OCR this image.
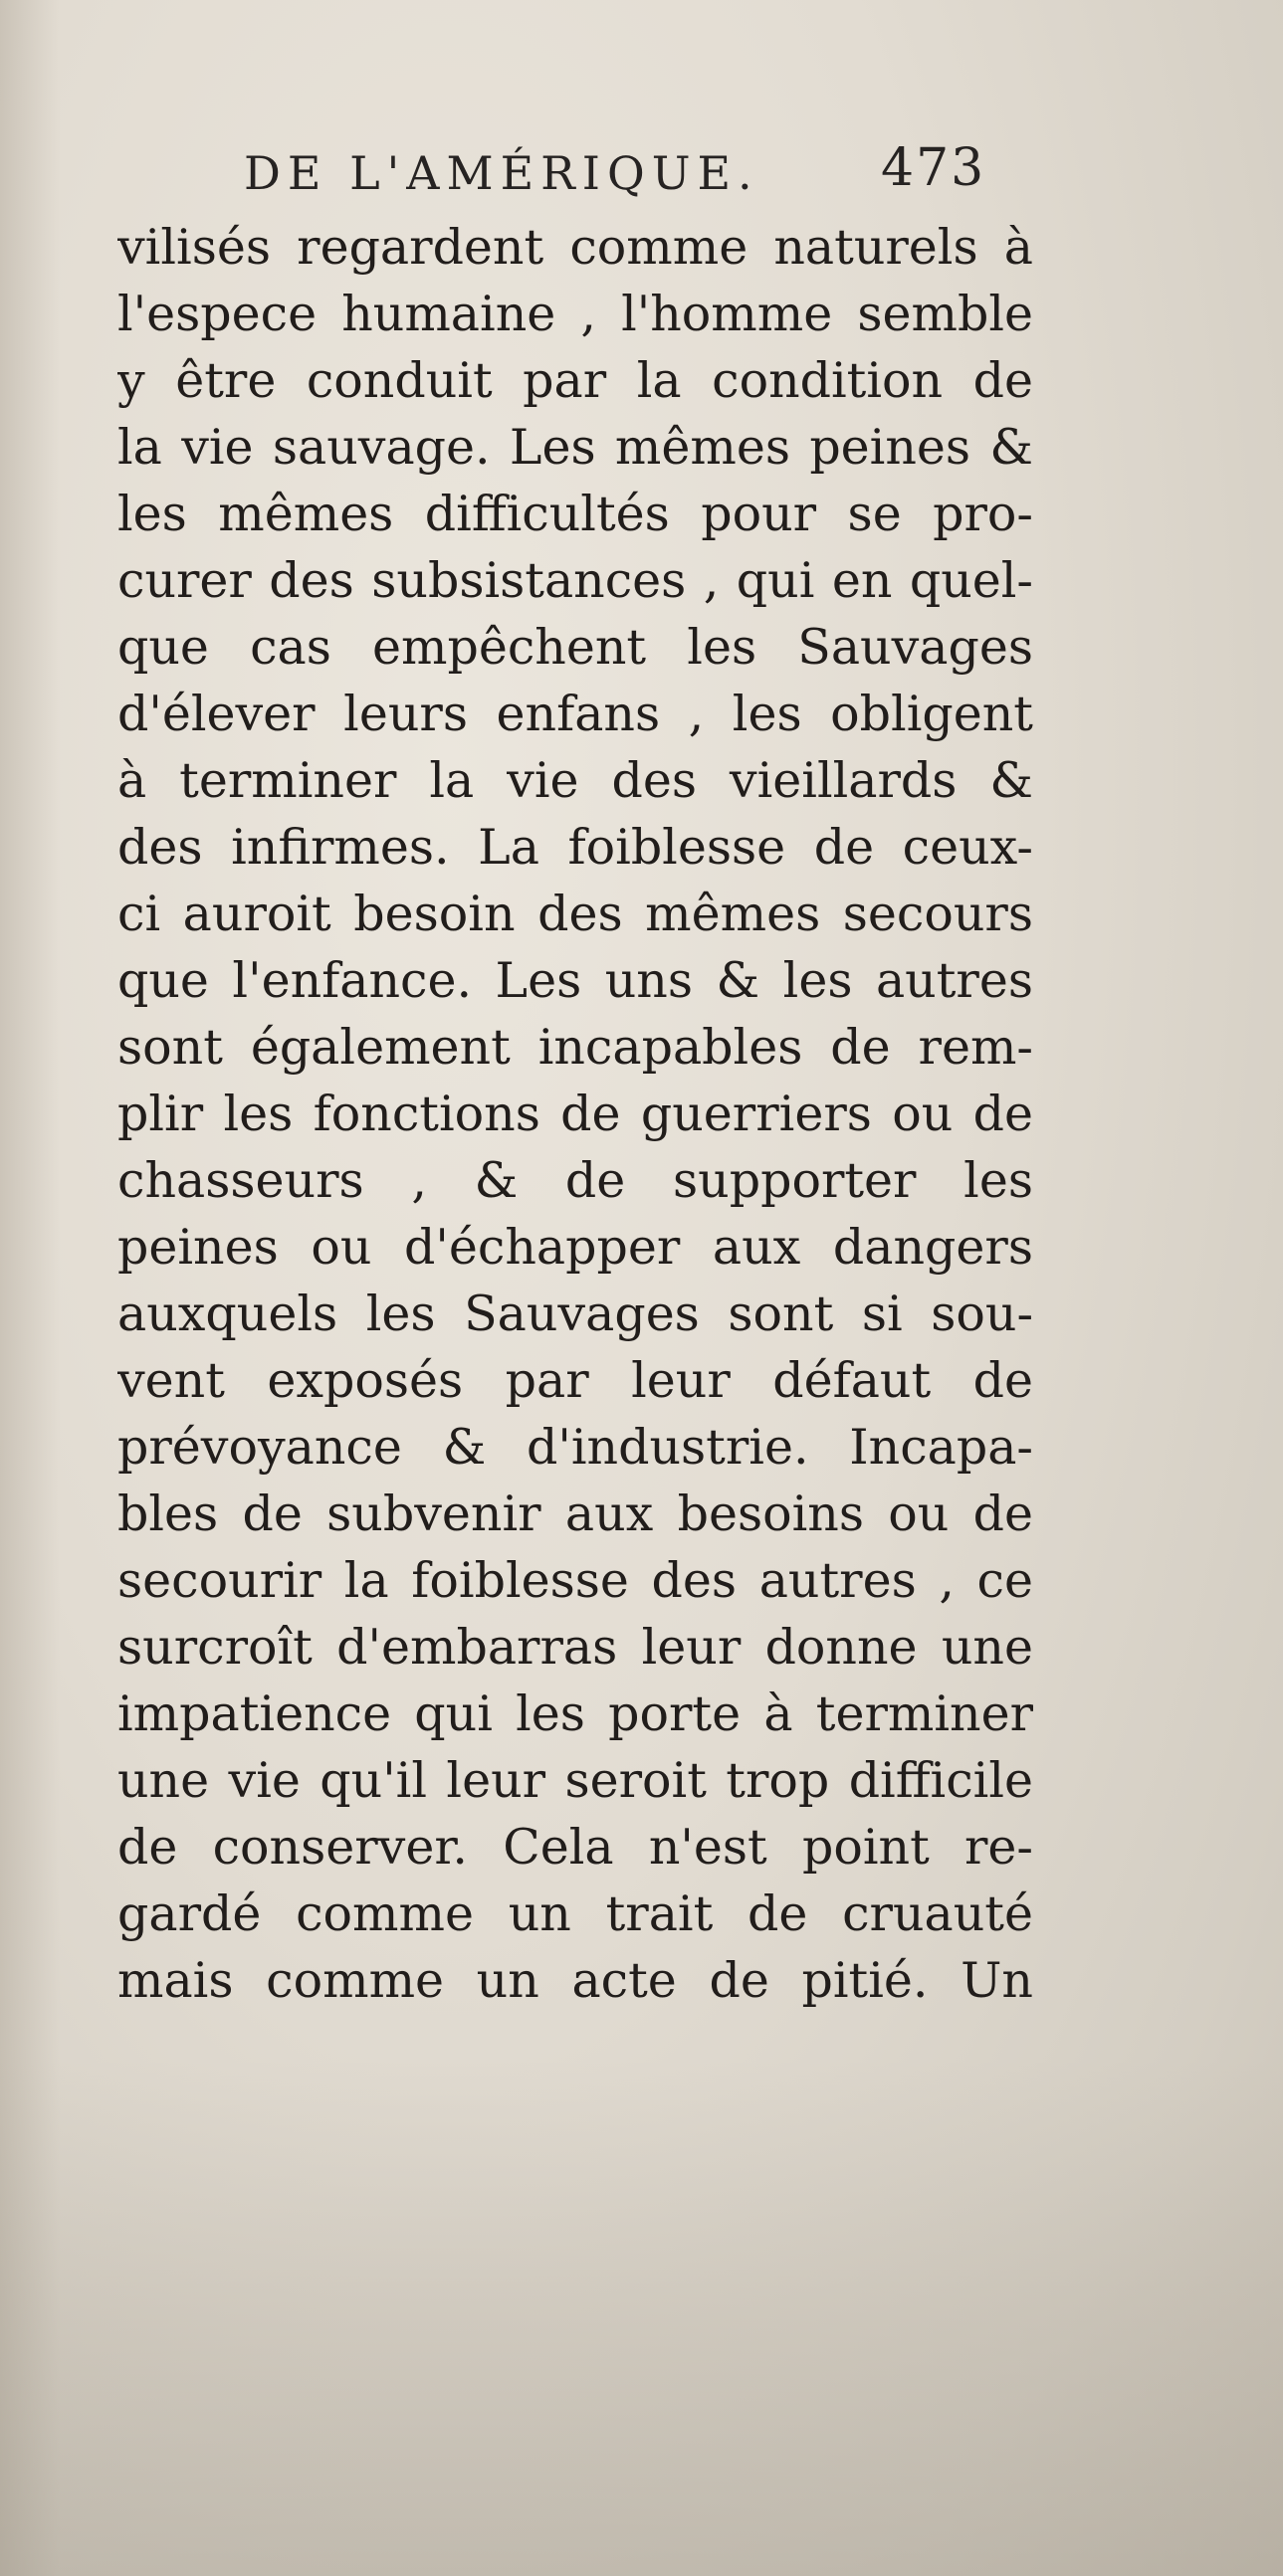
DE L'AMÉRIQUE. 473
vilisés regardent comme naturels à
l'espece humaine , l'homme semble
y être conduit par la condition de
la vie sauvage. Les mêmes peines &
les mêmes difficultés pour se pro-
curer des subsistances , qui en quel-
que cas empêchent les Sauvages
d'élever leurs enfans , les obligent
à terminer la vie des vieillards &
des infirmes. La foiblesse de ceux-
ci auroit besoin des mêmes secours
que l'enfance. Les uns & les autres
sont également incapables de rem-
plir les fonctions de guerriers ou de
chasseurs , & de supporter les
peines ou d'échapper aux dangers
auxquels les Sauvages sont si sou-
vent exposés par leur défaut de
prévoyance & d'industrie. Incapa-
bles de subvenir aux besoins ou de
secourir la foiblesse des autres , ce
surcroît d'embarras leur donne une
impatience qui les porte à terminer
une vie qu'il leur seroit trop difficile
de conserver. Cela n'est point re-
gardé comme un trait de cruauté
mais comme un acte de pitié. Un
